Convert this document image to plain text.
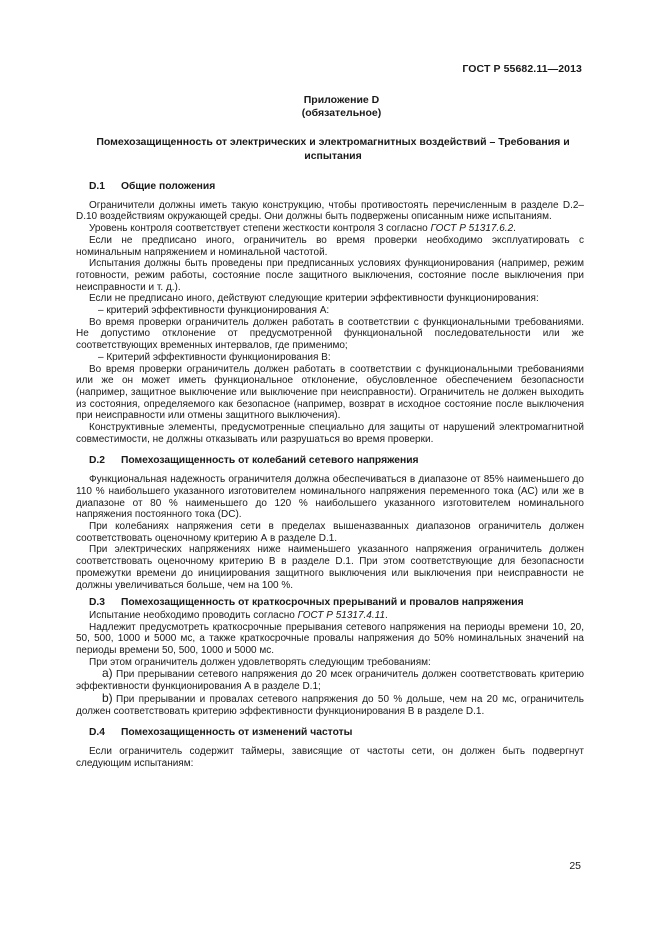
ГОСТ Р 55682.11—2013
Приложение D
(обязательное)
Помехозащищенность от электрических и электромагнитных воздействий – Требования и испытания
D.1 Общие положения

Ограничители должны иметь такую конструкцию, чтобы противостоять перечисленным в разделе D.2–D.10 воздействиям окружающей среды. Они должны быть подвержены описанным ниже испытаниям.

Уровень контроля соответствует степени жесткости контроля 3 согласно ГОСТ Р 51317.6.2.

Если не предписано иного, ограничитель во время проверки необходимо эксплуатировать с номинальным напряжением и номинальной частотой.

Испытания должны быть проведены при предписанных условиях функционирования (например, режим готовности, режим работы, состояние после защитного выключения, состояние после выключения при неисправности и т. д.).

Если не предписано иного, действуют следующие критерии эффективности функционирования:

– критерий эффективности функционирования А:

Во время проверки ограничитель должен работать в соответствии с функциональными требованиями. Не допустимо отклонение от предусмотренной функциональной последовательности или же соответствующих временных интервалов, где применимо;

– Критерий эффективности функционирования В:

Во время проверки ограничитель должен работать в соответствии с функциональными требованиями или же он может иметь функциональное отклонение, обусловленное обеспечением безопасности (например, защитное выключение или выключение при неисправности). Ограничитель не должен выходить из состояния, определяемого как безопасное (например, возврат в исходное состояние после выключения при неисправности или отмены защитного выключения).

Конструктивные элементы, предусмотренные специально для защиты от нарушений электромагнитной совместимости, не должны отказывать или разрушаться во время проверки.

D.2 Помехозащищенность от колебаний сетевого напряжения

Функциональная надежность ограничителя должна обеспечиваться в диапазоне от 85% наименьшего до 110 % наибольшего указанного изготовителем номинального напряжения переменного тока (АС) или же в диапазоне от 80 % наименьшего до 120 % наибольшего указанного изготовителем номинального напряжения постоянного тока (DC).

При колебаниях напряжения сети в пределах вышеназванных диапазонов ограничитель должен соответствовать оценочному критерию А в разделе D.1.

При электрических напряжениях ниже наименьшего указанного напряжения ограничитель должен соответствовать оценочному критерию В в разделе D.1. При этом соответствующие для безопасности промежутки времени до инициирования защитного выключения или выключения при неисправности не должны увеличиваться больше, чем на 100 %.

D.3 Помехозащищенность от краткосрочных прерываний и провалов напряжения

Испытание необходимо проводить согласно ГОСТ Р 51317.4.11.

Надлежит предусмотреть краткосрочные прерывания сетевого напряжения на периоды времени 10, 20, 50, 500, 1000 и 5000 мс, а также краткосрочные провалы напряжения до 50% номинальных значений на периоды времени 50, 500, 1000 и 5000 мс.

При этом ограничитель должен удовлетворять следующим требованиям:

a) При прерывании сетевого напряжения до 20 мсек ограничитель должен соответствовать критерию эффективности функционирования А в разделе D.1;

b) При прерывании и провалах сетевого напряжения до 50 % дольше, чем на 20 мс, ограничитель должен соответствовать критерию эффективности функционирования В в разделе D.1.

D.4 Помехозащищенность от изменений частоты

Если ограничитель содержит таймеры, зависящие от частоты сети, он должен быть подвергнут следующим испытаниям:

25
